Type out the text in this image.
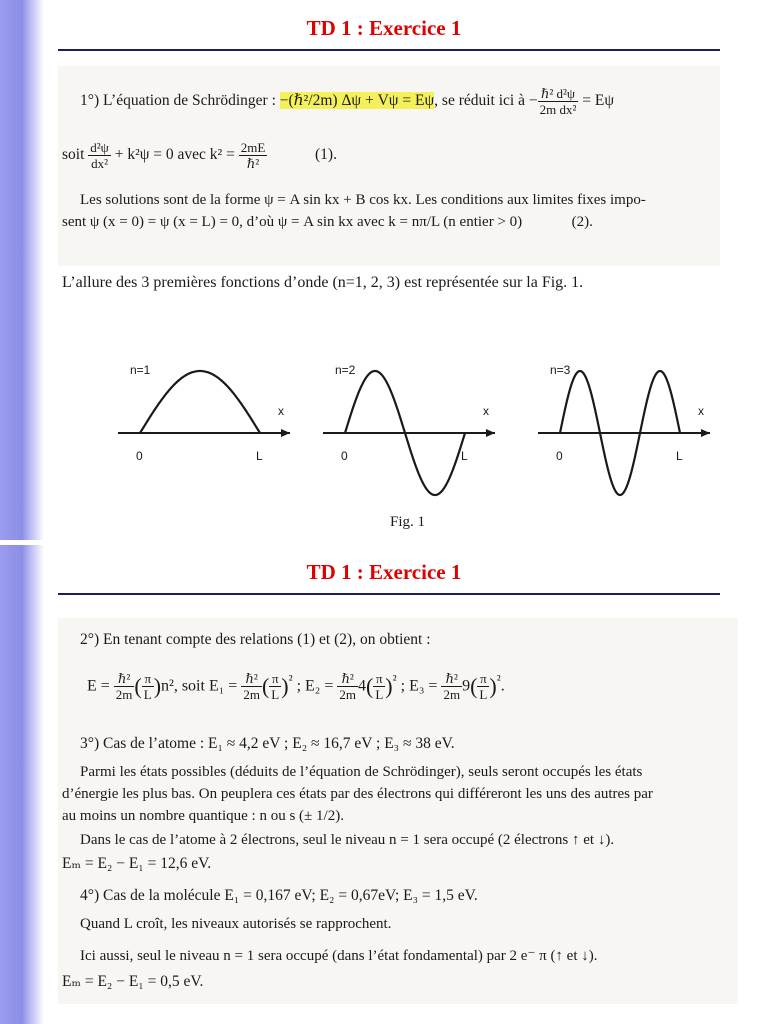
TD 1 : Exercice 1
1°) L’équation de Schrödinger : −(ℏ²/2m) Δψ + Vψ = Eψ, se réduit ici à − $\frac{\text{ℏ² d²ψ}}{\text{2m dx²}} = E\psi$
soit $\frac{\text{d²ψ}}{\text{dx²}} + k^2\psi = 0$ avec $k^2 = \frac{2mE}{\text{ℏ²}}$	(1).
Les solutions sont de la forme ψ = A sin kx + B cos kx. Les conditions aux limites fixes impo-
sent ψ (x = 0) = ψ (x = L) = 0, d’où ψ = A sin kx avec k = nπ/L (n entier > 0)	(2).
L’allure des 3 premières fonctions d’onde (n=1, 2, 3) est représentée sur la Fig. 1.
n=1
x
0	L
n=2
x
0	L
n=3
x
0	L
Fig. 1
TD 1 : Exercice 1
2°) En tenant compte des relations (1) et (2), on obtient :
$E = \frac{\text{ℏ²}}{2m}$ ( $\frac{\pi}{L} )n^2$, soit $E_1 = \frac{\text{ℏ²}}{2m}$ ( $\frac{\pi}{L} )^{^2}$ ; $E_2 = \frac{\text{ℏ²}}{2m} 4( \frac{\pi}{L} )^{^2}$ ; $E_3 = \frac{\text{ℏ²}}{2m} 9( \frac{\pi}{L} )^{^2}$.
3°) Cas de l’atome : E₁ ≈ 4,2 eV ; E₂ ≈ 16,7 eV ; E₃ ≈ 38 eV.
Parmi les états possibles (déduits de l’équation de Schrödinger), seuls seront occupés les états
d’énergie les plus bas. On peuplera ces états par des électrons qui différeront les uns des autres par
au moins un nombre quantique : n ou s (± 1/2).
Dans le cas de l’atome à 2 électrons, seul le niveau n = 1 sera occupé (2 électrons ↑ et ↓).
Eₘ = E₂ − E₁ = 12,6 eV.
4°) Cas de la molécule E₁ = 0,167 eV; E₂ = 0,67eV; E₃ = 1,5 eV.
Quand L croît, les niveaux autorisés se rapprochent.
Ici aussi, seul le niveau n = 1 sera occupé (dans l’état fondamental) par 2 e⁻ π (↑ et ↓).
Eₘ = E₂ − E₁ = 0,5 eV.
